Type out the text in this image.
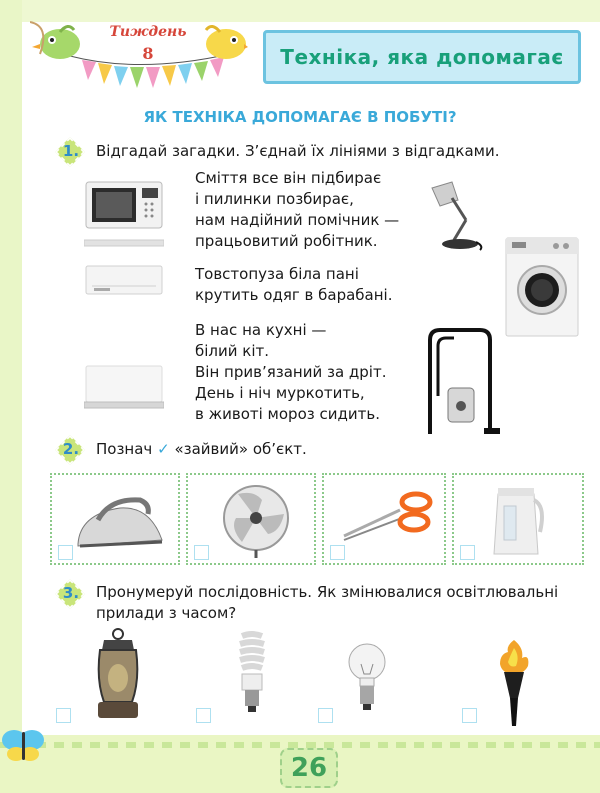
Тиждень
8	Техніка, яка допомагає
ЯК ТЕХНІКА ДОПОМАГАЄ В ПОБУТІ?
1.	Відгадай загадки. З’єднай їх лініями з відгадками.
Сміття все він підбирає
і пилинки позбирає,
нам надійний помічник —
працьовитий робітник.
Товстопуза біла пані
крутить одяг в барабані.
В нас на кухні —
білий кіт.
Він прив’язаний за дріт.
День і ніч муркотить,
в животі мороз сидить.
2.	Познач ✓ «зайвий» об’єкт.
3.	Пронумеруй послідовність. Як змінювалися освітлювальні
прилади з часом?
26
